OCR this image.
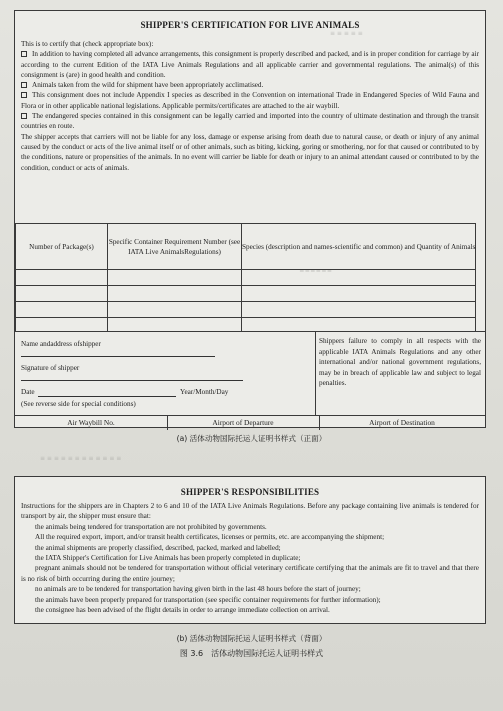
SHIPPER'S CERTIFICATION FOR LIVE ANIMALS

This is to certify that (check appropriate box):

In addition to having completed all advance arrangements, this consignment is properly described and packed, and is in proper condition for carriage by air according to the current Edition of the IATA Live Animals Regulations and all applicable carrier and governmental regulations. The animal(s) of this consignment is (are) in good health and condition.

Animals taken from the wild for shipment have been appropriately acclimatised.

This consignment does not include Appendix I species as described in the Convention on international Trade in Endangered Species of Wild Fauna and Flora or in other applicable national legislations. Applicable permits/certificates are attached to the air waybill.

The endangered species contained in this consignment can be legally carried and imported into the country of ultimate destination and through the transit countries en route.

The shipper accepts that carriers will not be liable for any loss, damage or expense arising from death due to natural cause, or death or injury of any animal caused by the conduct or acts of the live animal itself or of other animals, such as biting, kicking, goring or smothering, nor for that caused or contributed to by the conditions, nature or propensities of the animals. In no event will carrier be liable for death or injury to an animal attendant caused or contributed to by the condition, conduct or acts of animals.

Number of Package(s)	Specific Container Requirement Number (see IATA Live AnimalsRegulations)	Species (description and names-scientific and common) and Quantity of Animals

Name andaddress ofshipper
Signature of shipper
Date	Year/Month/Day
(See reverse side for special conditions)
Shippers failure to comply in all respects with the applicable IATA Animals Regulations and any other international and/or national government regulations, may be in breach of applicable law and subject to legal penalties.
Air Waybill No.	Airport of Departure	Airport of Destination
(a) 活体动物国际托运人证明书样式（正面）
≡ ≡ ≡ ≡ ≡
━ ━ ━ ━ ━ ━
≡ ≡ ≡ ≡ ≡ ≡ ≡ ≡ ≡ ≡ ≡ ≡
SHIPPER'S RESPONSIBILITIES

Instructions for the shippers are in Chapters 2 to 6 and 10 of the IATA Live Animals Regulations. Before any package containing live animals is tendered for transport by air, the shipper must ensure that:

the animals being tendered for transportation are not prohibited by governments.

All the required export, import, and/or transit health certificates, licenses or permits, etc. are accompanying the shipment;

the animal shipments are properly classified, described, packed, marked and labelled;

the IATA Shipper's Certification for Live Animals has been properly completed in duplicate;

pregnant animals should not be tendered for transportation without official veterinary certificate certifying that the animals are fit to travel and that there is no risk of birth occurring during the entire journey;

no animals are to be tendered for transportation having given birth in the last 48 hours before the start of journey;

the animals have been properly prepared for transportation (see specific container requirements for further information);

the consignee has been advised of the flight details in order to arrange immediate collection on arrival.

(b) 活体动物国际托运人证明书样式（背面）
图 3.6　活体动物国际托运人证明书样式
